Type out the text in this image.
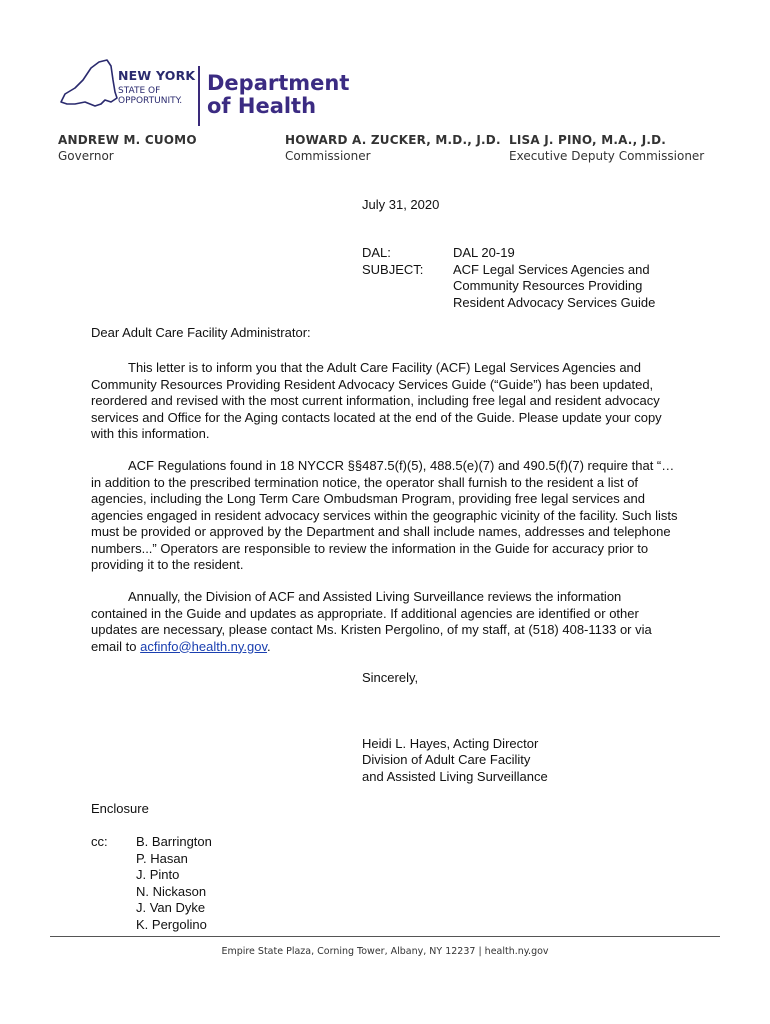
NEW YORK
STATE OF
OPPORTUNITY.
Department
of Health
ANDREW M. CUOMO
Governor
HOWARD A. ZUCKER, M.D., J.D.
Commissioner
LISA J. PINO, M.A., J.D.
Executive Deputy Commissioner
July 31, 2020
DAL:	DAL 20-19
SUBJECT: ACF Legal Services Agencies and
Community Resources Providing
Resident Advocacy Services Guide
Dear Adult Care Facility Administrator:

This letter is to inform you that the Adult Care Facility (ACF) Legal Services Agencies and Community Resources Providing Resident Advocacy Services Guide (“Guide”) has been updated, reordered and revised with the most current information, including free legal and resident advocacy services and Office for the Aging contacts located at the end of the Guide. Please update your copy with this information.

ACF Regulations found in 18 NYCCR §§487.5(f)(5), 488.5(e)(7) and 490.5(f)(7) require that “…in addition to the prescribed termination notice, the operator shall furnish to the resident a list of agencies, including the Long Term Care Ombudsman Program, providing free legal services and agencies engaged in resident advocacy services within the geographic vicinity of the facility. Such lists must be provided or approved by the Department and shall include names, addresses and telephone numbers...” Operators are responsible to review the information in the Guide for accuracy prior to providing it to the resident.

Annually, the Division of ACF and Assisted Living Surveillance reviews the information contained in the Guide and updates as appropriate. If additional agencies are identified or other updates are necessary, please contact Ms. Kristen Pergolino, of my staff, at (518) 408-1133 or via email to acfinfo@health.ny.gov.

Sincerely,
Heidi L. Hayes, Acting Director
Division of Adult Care Facility
and Assisted Living Surveillance
Enclosure
cc: B. Barrington
P. Hasan
J. Pinto
N. Nickason
J. Van Dyke
K. Pergolino
Empire State Plaza, Corning Tower, Albany, NY 12237 | health.ny.gov
